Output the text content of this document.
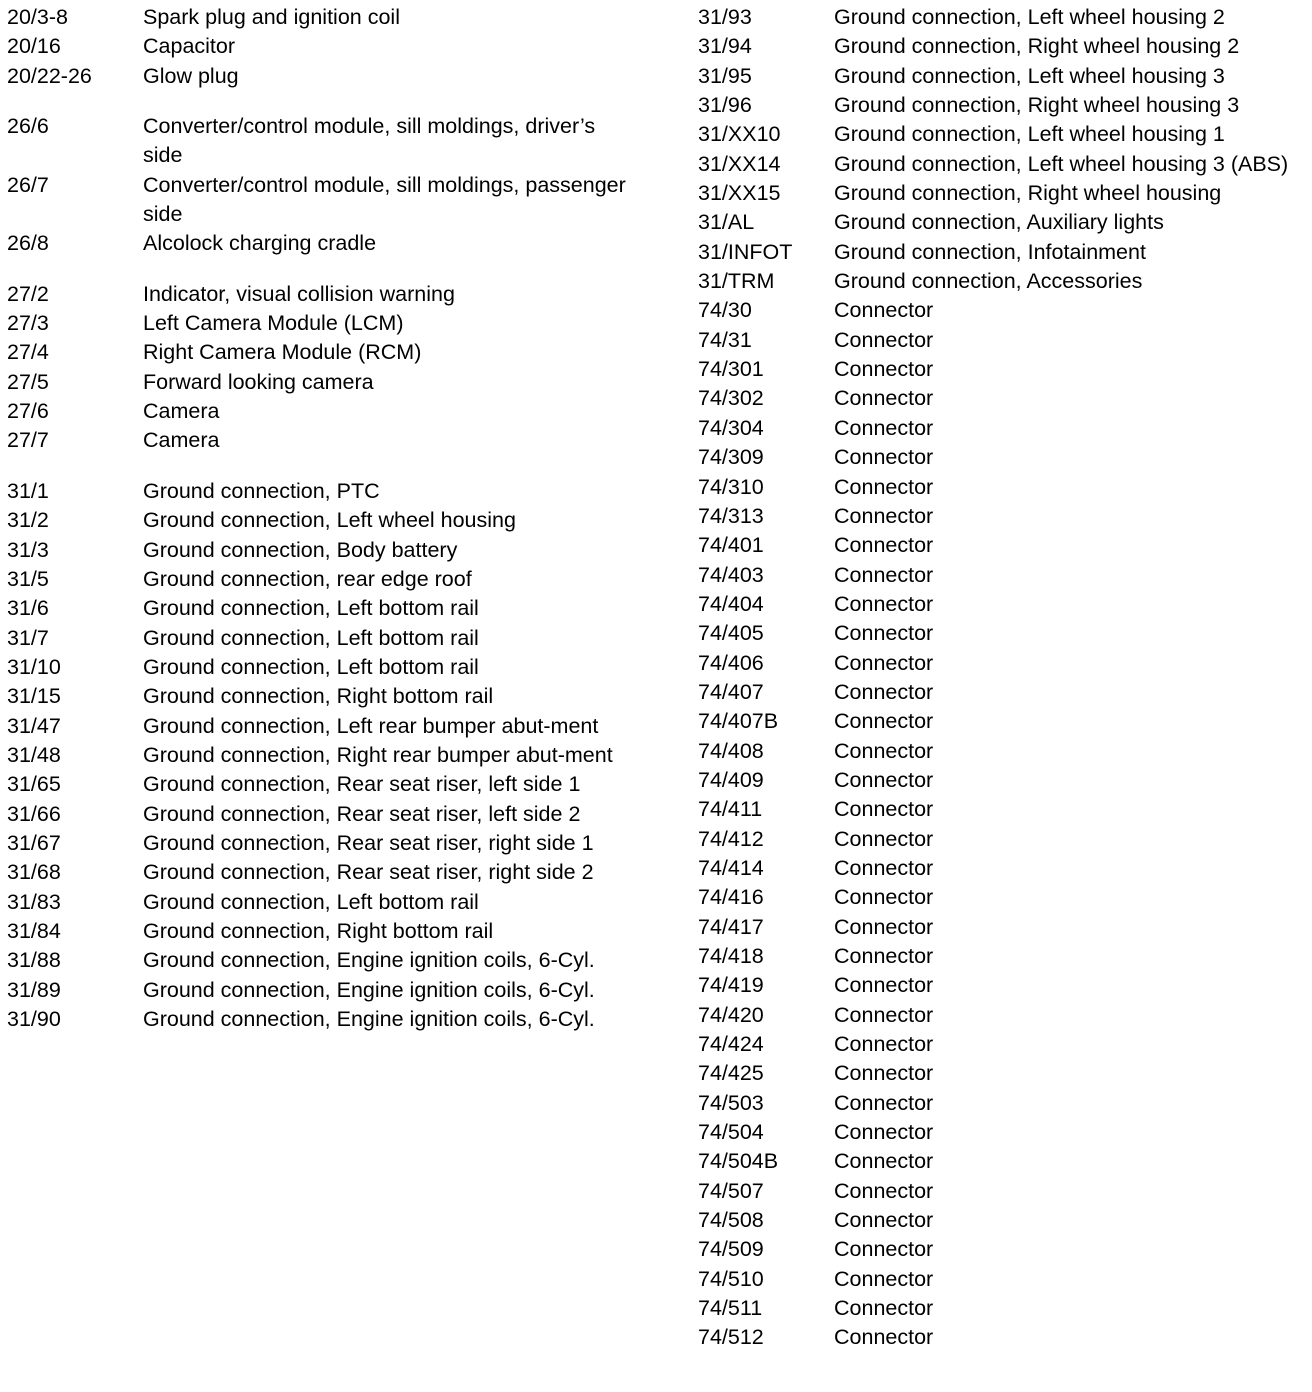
20/3-8	Spark plug and ignition coil
20/16	Capacitor
20/22-26	Glow plug
26/6	Converter/control module, sill moldings, driver’s side
26/7	Converter/control module, sill moldings, passenger side
26/8	Alcolock charging cradle
27/2	Indicator, visual collision warning
27/3	Left Camera Module (LCM)
27/4	Right Camera Module (RCM)
27/5	Forward looking camera
27/6	Camera
27/7	Camera
31/1	Ground connection, PTC
31/2	Ground connection, Left wheel housing
31/3	Ground connection, Body battery
31/5	Ground connection, rear edge roof
31/6	Ground connection, Left bottom rail
31/7	Ground connection, Left bottom rail
31/10	Ground connection, Left bottom rail
31/15	Ground connection, Right bottom rail
31/47	Ground connection, Left rear bumper abut-ment
31/48	Ground connection, Right rear bumper abut-ment
31/65	Ground connection, Rear seat riser, left side 1
31/66	Ground connection, Rear seat riser, left side 2
31/67	Ground connection, Rear seat riser, right side 1
31/68	Ground connection, Rear seat riser, right side 2
31/83	Ground connection, Left bottom rail
31/84	Ground connection, Right bottom rail
31/88	Ground connection, Engine ignition coils, 6-Cyl.
31/89	Ground connection, Engine ignition coils, 6-Cyl.
31/90	Ground connection, Engine ignition coils, 6-Cyl.
31/93	Ground connection, Left wheel housing 2
31/94	Ground connection, Right wheel housing 2
31/95	Ground connection, Left wheel housing 3
31/96	Ground connection, Right wheel housing 3
31/XX10	Ground connection, Left wheel housing 1
31/XX14	Ground connection, Left wheel housing 3 (ABS)
31/XX15	Ground connection, Right wheel housing
31/AL	Ground connection, Auxiliary lights
31/INFOT	Ground connection, Infotainment
31/TRM	Ground connection, Accessories
74/30	Connector
74/31	Connector
74/301	Connector
74/302	Connector
74/304	Connector
74/309	Connector
74/310	Connector
74/313	Connector
74/401	Connector
74/403	Connector
74/404	Connector
74/405	Connector
74/406	Connector
74/407	Connector
74/407B	Connector
74/408	Connector
74/409	Connector
74/411	Connector
74/412	Connector
74/414	Connector
74/416	Connector
74/417	Connector
74/418	Connector
74/419	Connector
74/420	Connector
74/424	Connector
74/425	Connector
74/503	Connector
74/504	Connector
74/504B	Connector
74/507	Connector
74/508	Connector
74/509	Connector
74/510	Connector
74/511	Connector
74/512	Connector
